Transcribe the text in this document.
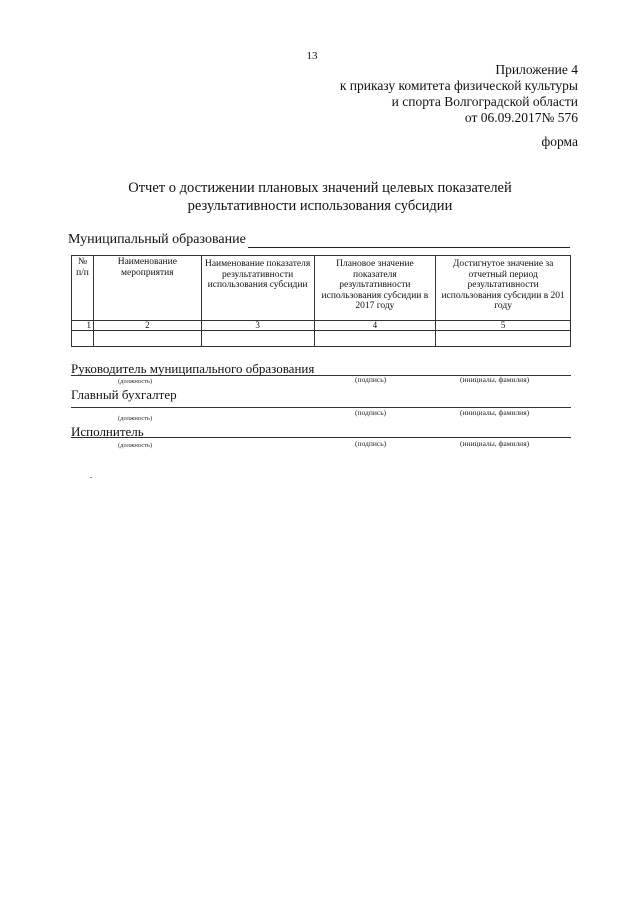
13
Приложение 4
к приказу комитета физической культуры
и спорта Волгоградской области
от 06.09.2017№ 576
форма
Отчет о достижении плановых значений целевых показателей
результативности использования субсидии
Муниципальный образование
№ п/п	Наименование мероприятия	Наименование показателя результативности использования субсидии	Плановое значение показателя результативности использования субсидии в 2017 году	Достигнутое значение за отчетный период результативности использования субсидии в 201 году
1	2	3	4	5

Руководитель муниципального образования
(должность)	(подпись)	(инициалы, фамилия)
Главный бухгалтер
(должность)
(подпись)	(инициалы, фамилия)
Исполнитель
(должность)	(подпись)	(инициалы, фамилия)
